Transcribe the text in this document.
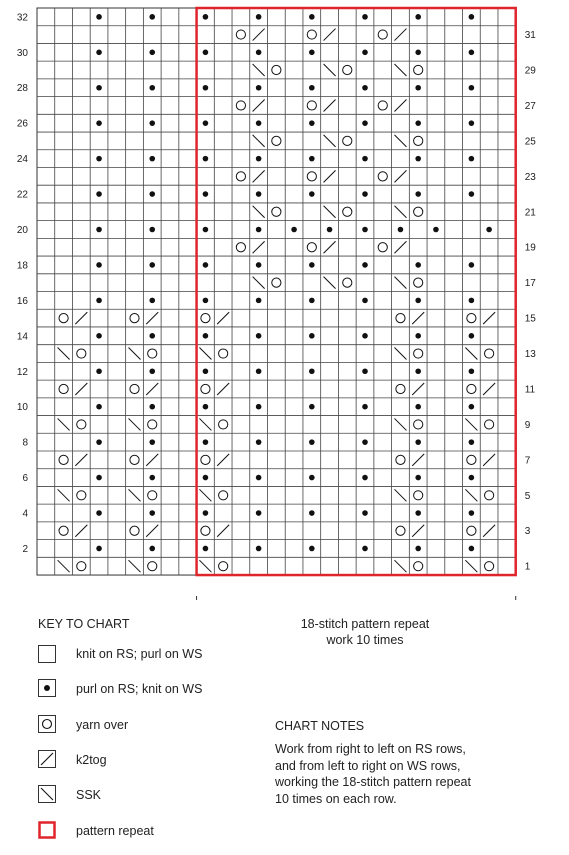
32
30
28
26
24
22
20
18
16
14
12
10
8
6
4
2
31
29
27
25
23
21
19
17
15
13
11
9
7
5
3
1
18-stitch pattern repeat
work 10 times
KEY TO CHART
knit on RS; purl on WS
purl on RS; knit on WS
yarn over
k2tog
SSK
pattern repeat
CHART NOTES
Work from right to left on RS rows, and from left to right on WS rows, working the 18-stitch pattern repeat 10 times on each row.
